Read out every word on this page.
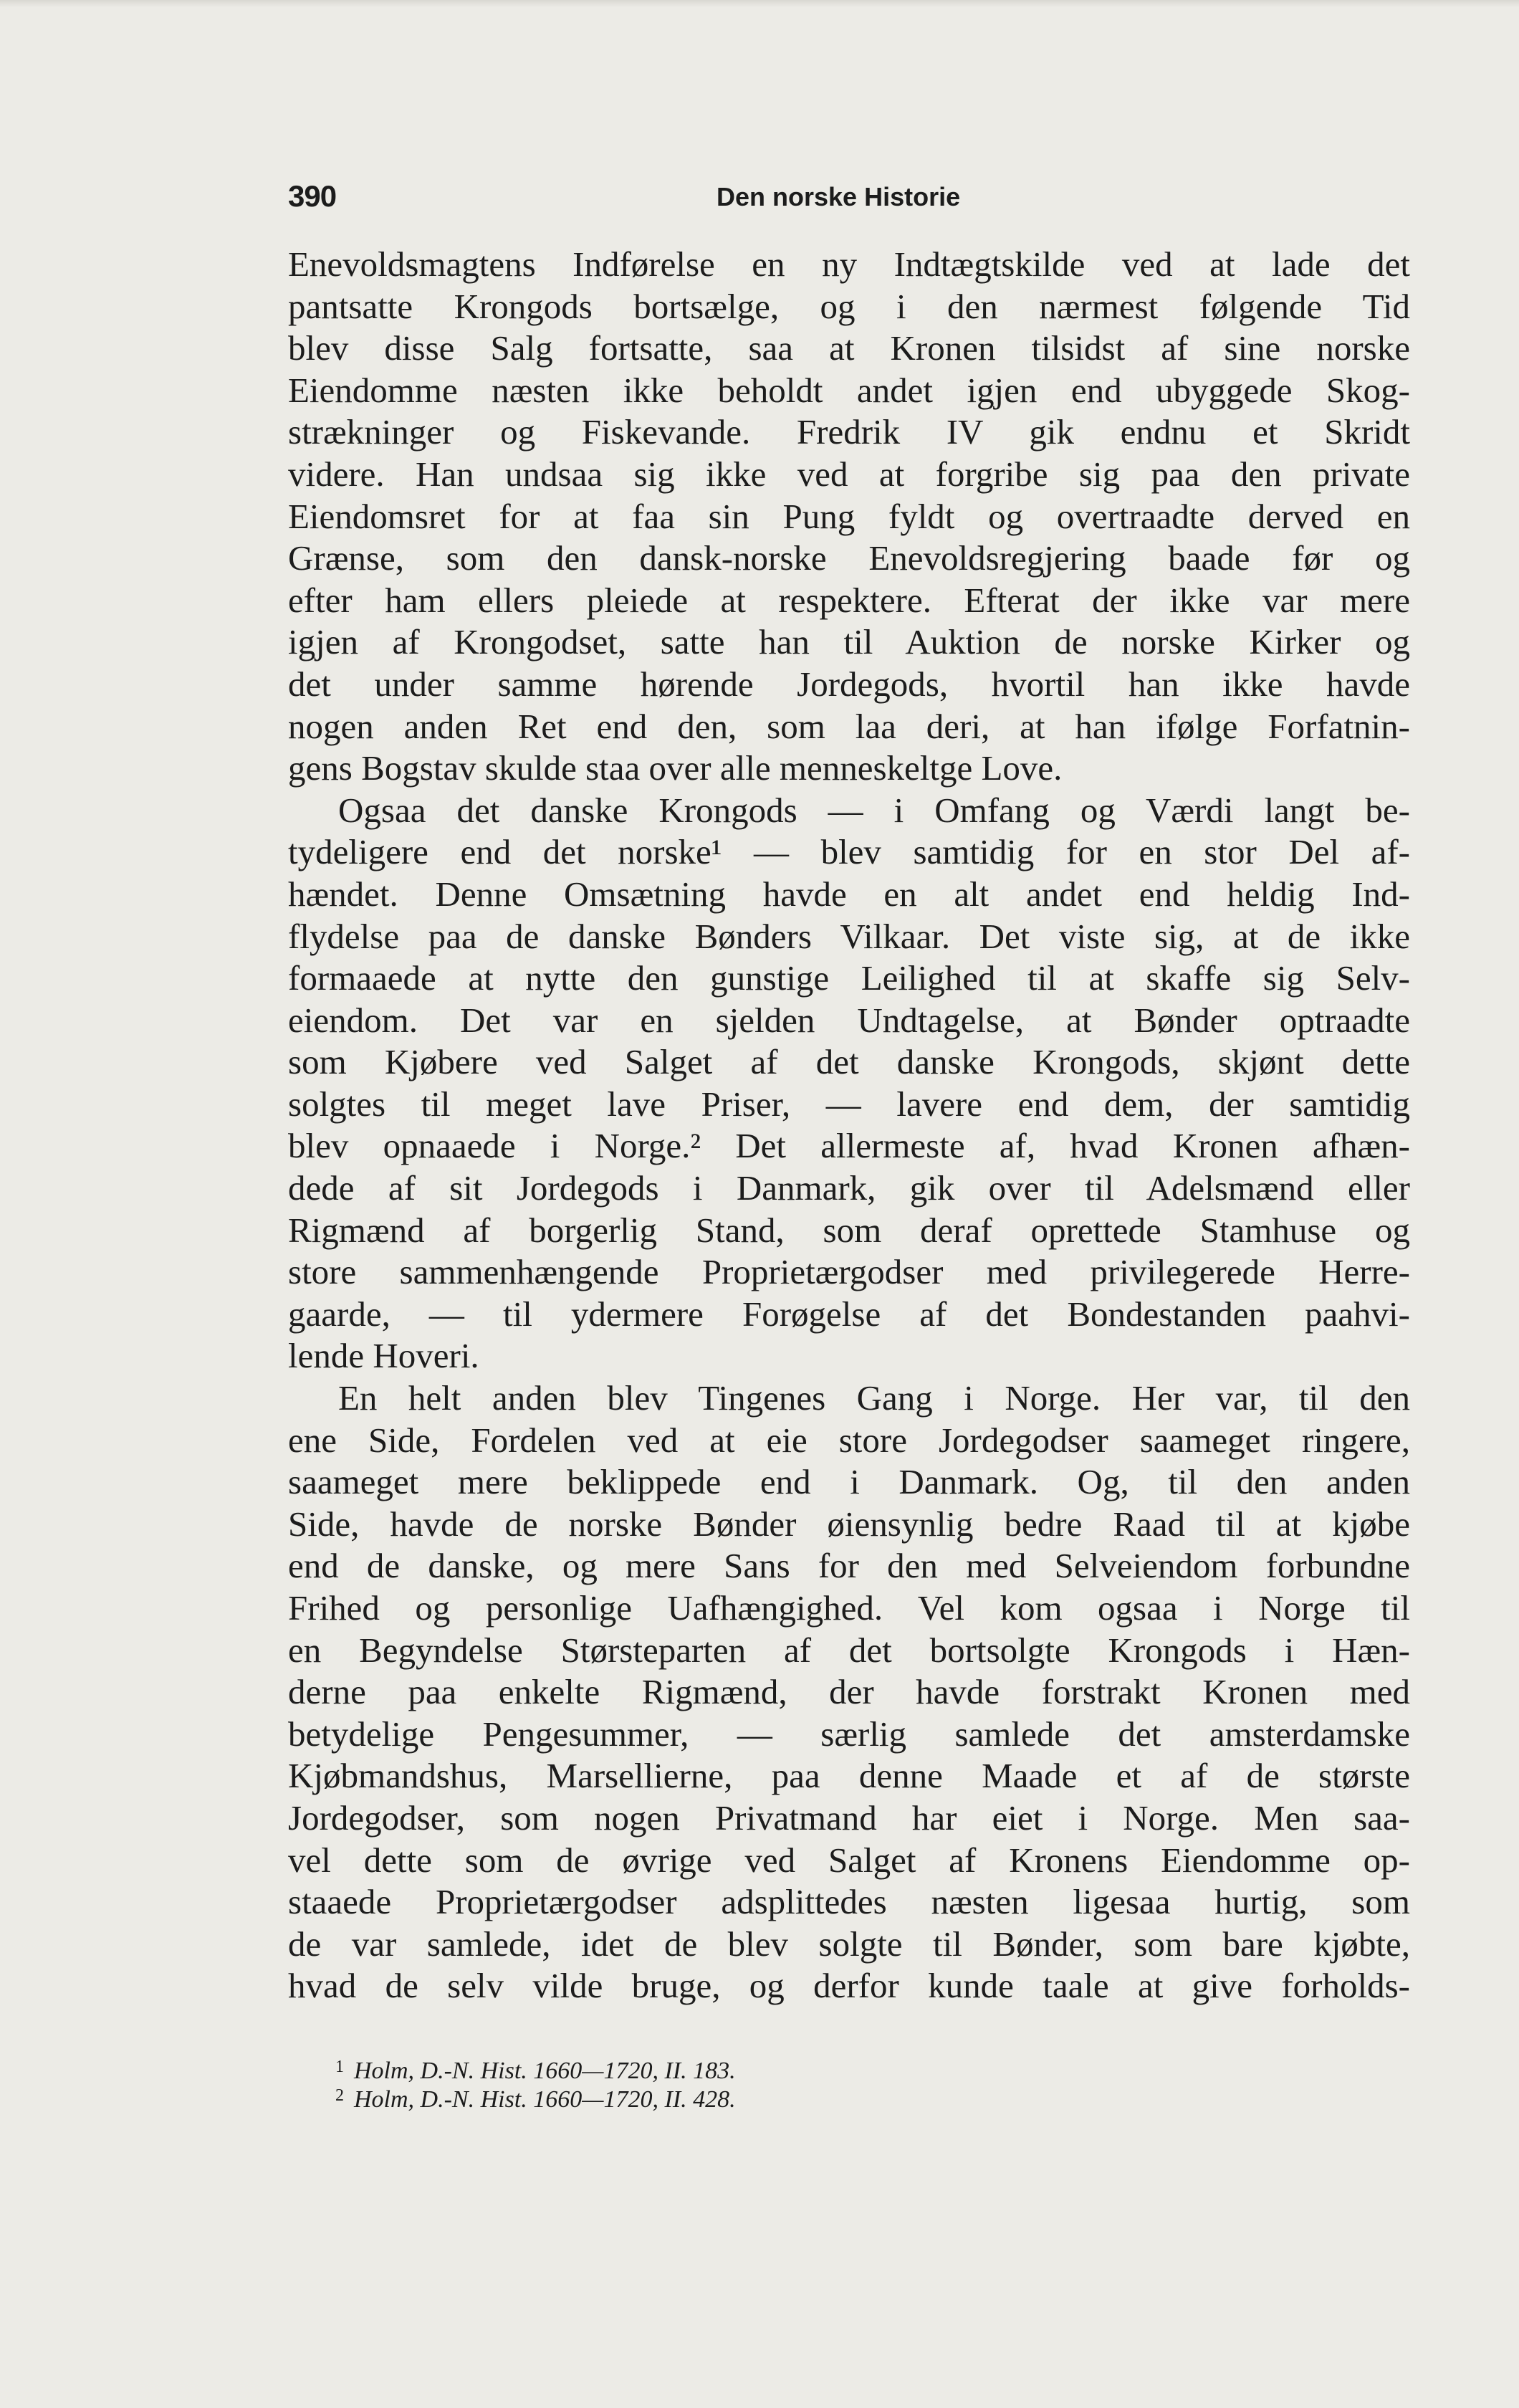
390	Den norske Historie
Enevoldsmagtens Indførelse en ny Indtægtskilde ved at lade det
pantsatte Krongods bortsælge, og i den nærmest følgende Tid
blev disse Salg fortsatte, saa at Kronen tilsidst af sine norske
Eiendomme næsten ikke beholdt andet igjen end ubyggede Skog-
strækninger og Fiskevande. Fredrik IV gik endnu et Skridt
videre. Han undsaa sig ikke ved at forgribe sig paa den private
Eiendomsret for at faa sin Pung fyldt og overtraadte derved en
Grænse, som den dansk-norske Enevoldsregjering baade før og
efter ham ellers pleiede at respektere. Efterat der ikke var mere
igjen af Krongodset, satte han til Auktion de norske Kirker og
det under samme hørende Jordegods, hvortil han ikke havde
nogen anden Ret end den, som laa deri, at han ifølge Forfatnin-
gens Bogstav skulde staa over alle menneskeltge Love.
Ogsaa det danske Krongods — i Omfang og Værdi langt be-
tydeligere end det norske¹ — blev samtidig for en stor Del af-
hændet. Denne Omsætning havde en alt andet end heldig Ind-
flydelse paa de danske Bønders Vilkaar. Det viste sig, at de ikke
formaaede at nytte den gunstige Leilighed til at skaffe sig Selv-
eiendom. Det var en sjelden Undtagelse, at Bønder optraadte
som Kjøbere ved Salget af det danske Krongods, skjønt dette
solgtes til meget lave Priser, — lavere end dem, der samtidig
blev opnaaede i Norge.² Det allermeste af, hvad Kronen afhæn-
dede af sit Jordegods i Danmark, gik over til Adelsmænd eller
Rigmænd af borgerlig Stand, som deraf oprettede Stamhuse og
store sammenhængende Proprietærgodser med privilegerede Herre-
gaarde, — til ydermere Forøgelse af det Bondestanden paahvi-
lende Hoveri.
En helt anden blev Tingenes Gang i Norge. Her var, til den
ene Side, Fordelen ved at eie store Jordegodser saameget ringere,
saameget mere beklippede end i Danmark. Og, til den anden
Side, havde de norske Bønder øiensynlig bedre Raad til at kjøbe
end de danske, og mere Sans for den med Selveiendom forbundne
Frihed og personlige Uafhængighed. Vel kom ogsaa i Norge til
en Begyndelse Størsteparten af det bortsolgte Krongods i Hæn-
derne paa enkelte Rigmænd, der havde forstrakt Kronen med
betydelige Pengesummer, — særlig samlede det amsterdamske
Kjøbmandshus, Marsellierne, paa denne Maade et af de største
Jordegodser, som nogen Privatmand har eiet i Norge. Men saa-
vel dette som de øvrige ved Salget af Kronens Eiendomme op-
staaede Proprietærgodser adsplittedes næsten ligesaa hurtig, som
de var samlede, idet de blev solgte til Bønder, som bare kjøbte,
hvad de selv vilde bruge, og derfor kunde taale at give forholds-
1 Holm, D.-N. Hist. 1660—1720, II. 183.
2 Holm, D.-N. Hist. 1660—1720, II. 428.
